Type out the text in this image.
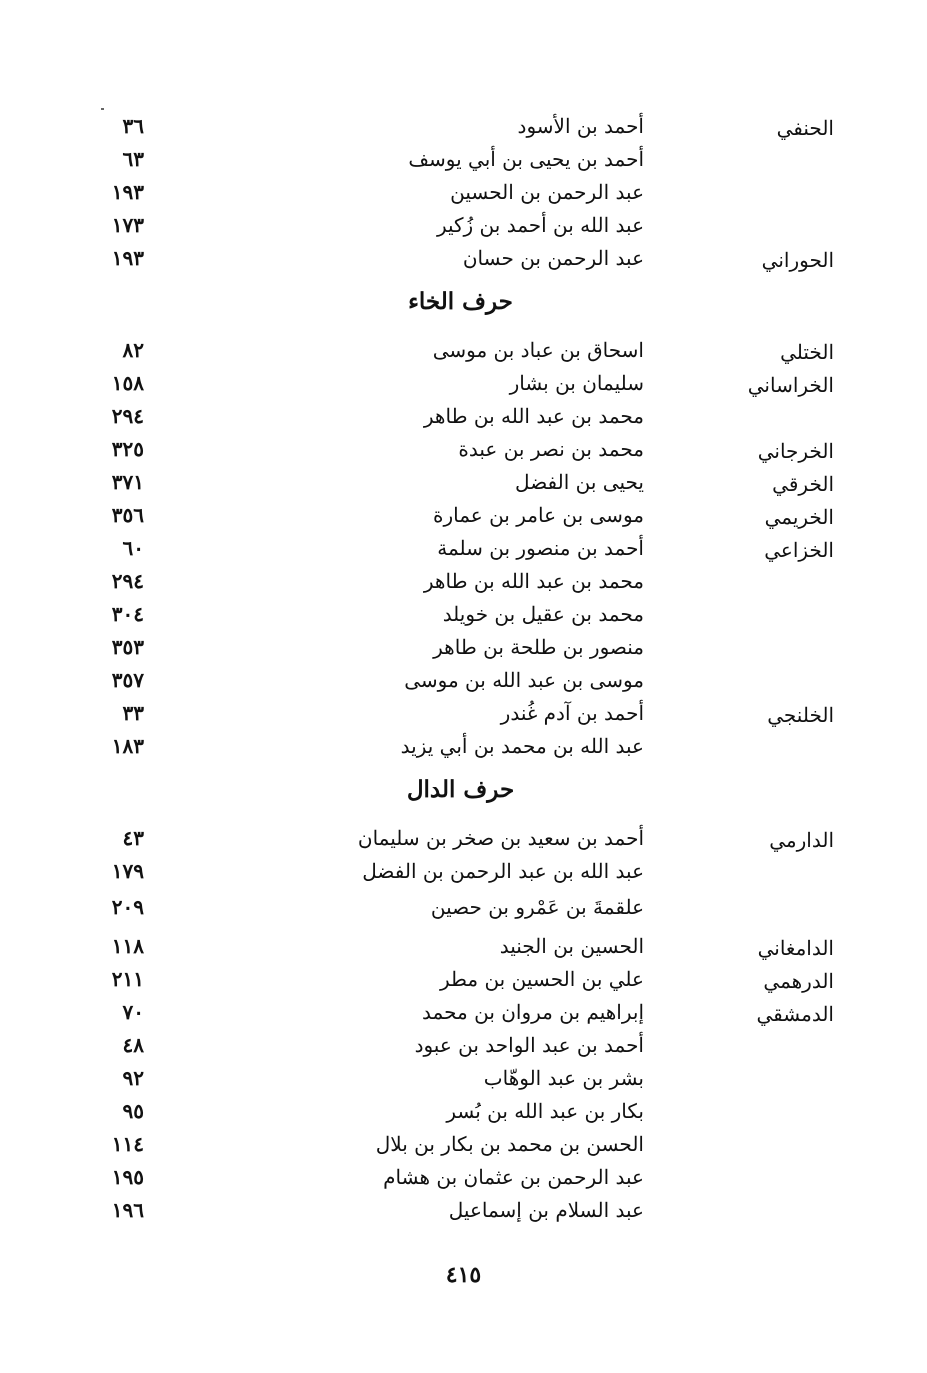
الحنفي
أحمد بن الأسود
٣٦
أحمد بن يحيى بن أبي يوسف
٦٣
عبد الرحمن بن الحسين
١٩٣
عبد الله بن أحمد بن زُكير
١٧٣
الحوراني
عبد الرحمن بن حسان
١٩٣
حرف الخاء
الختلي
اسحاق بن عباد بن موسى
٨٢
الخراساني
سليمان بن بشار
١٥٨
محمد بن عبد الله بن طاهر
٢٩٤
الخرجاني
محمد بن نصر بن عبدة
٣٢٥
الخرقي
يحيى بن الفضل
٣٧١
الخريمي
موسى بن عامر بن عمارة
٣٥٦
الخزاعي
أحمد بن منصور بن سلمة
٦٠
محمد بن عبد الله بن طاهر
٢٩٤
محمد بن عقيل بن خويلد
٣٠٤
منصور بن طلحة بن طاهر
٣٥٣
موسى بن عبد الله بن موسى
٣٥٧
الخلنجي
أحمد بن آدم غُندر
٣٣
عبد الله بن محمد بن أبي يزيد
١٨٣
حرف الدال
الدارمي
أحمد بن سعيد بن صخر بن سليمان
٤٣
عبد الله بن عبد الرحمن بن الفضل
١٧٩
علقمةَ بن عَمْرو بن حصين
٢٠٩
الدامغاني
الحسين بن الجنيد
١١٨
الدرهمي
علي بن الحسين بن مطر
٢١١
الدمشقي
إبراهيم بن مروان بن محمد
٧٠
أحمد بن عبد الواحد بن عبود
٤٨
بشر بن عبد الوهّاب
٩٢
بكار بن عبد الله بن بُسر
٩٥
الحسن بن محمد بن بكار بن بلال
١١٤
عبد الرحمن بن عثمان بن هشام
١٩٥
عبد السلام بن إسماعيل
١٩٦
٤١٥
